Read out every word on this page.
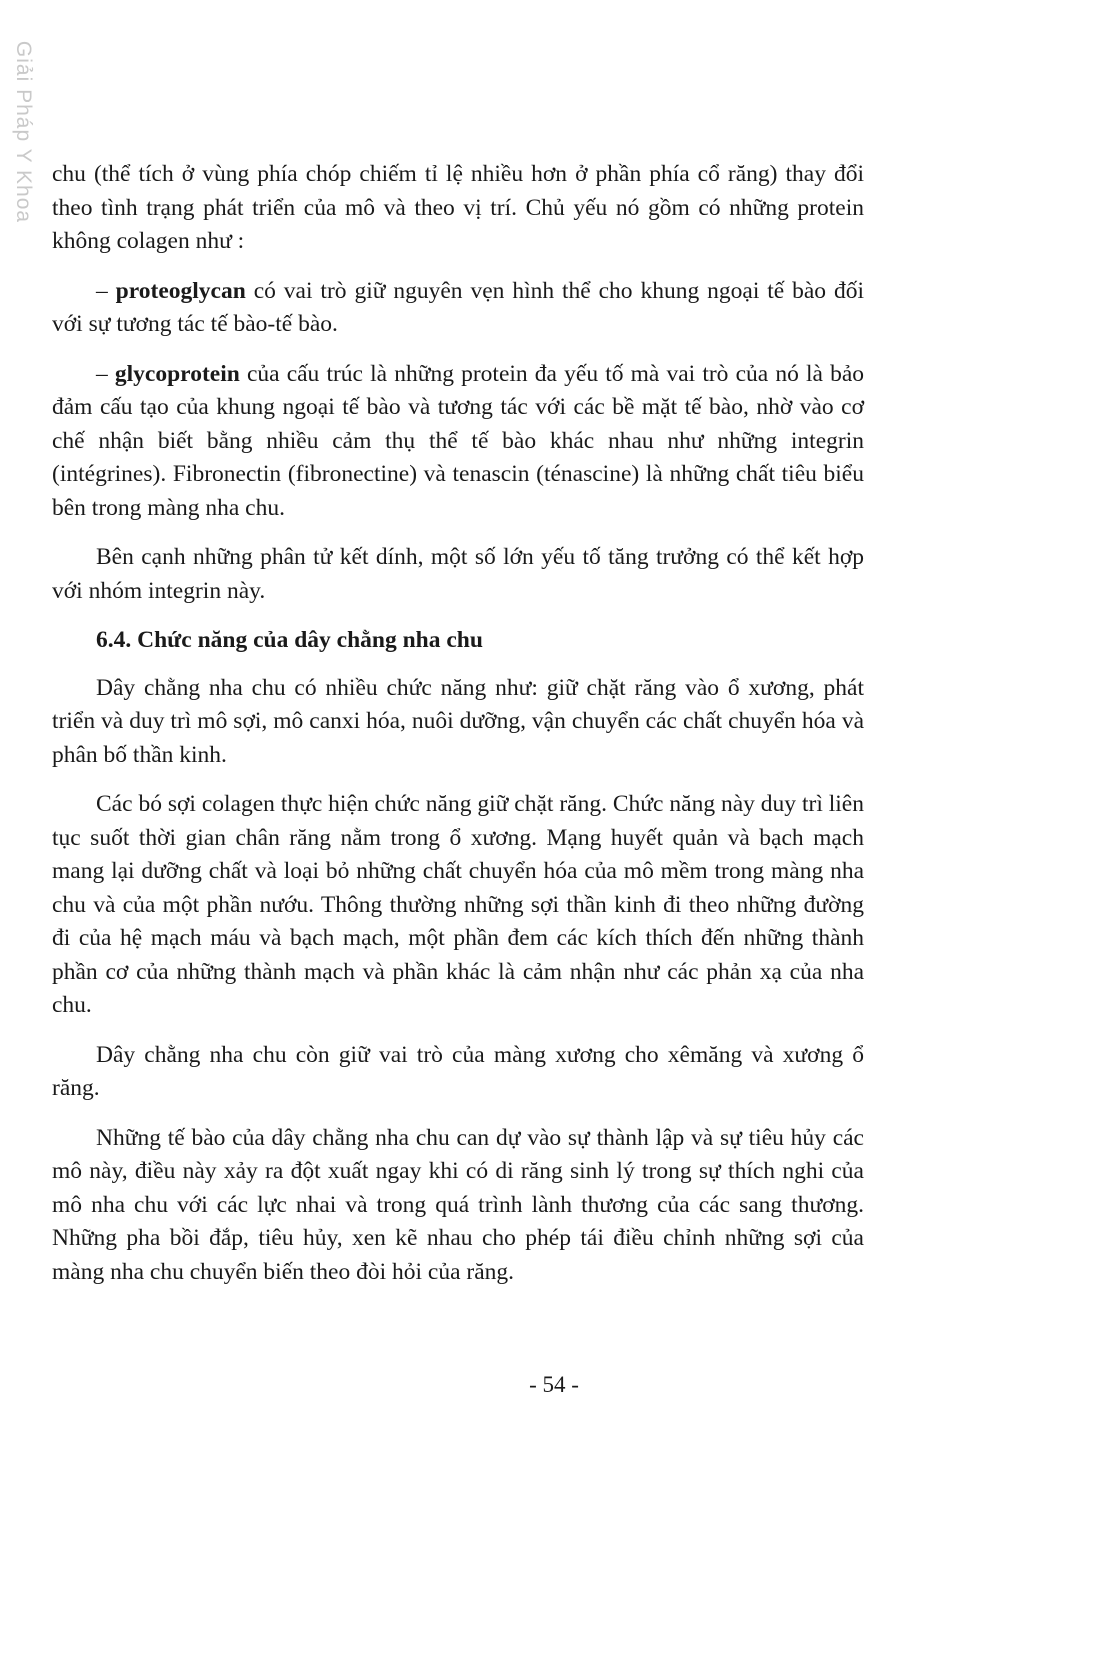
Giải Pháp Y Khoa chu (thể tích ở vùng phía chóp chiếm tỉ lệ nhiều hơn ở phần phía cổ răng) thay đổi theo tình trạng phát triển của mô và theo vị trí. Chủ yếu nó gồm có những protein không colagen như :

– proteoglycan có vai trò giữ nguyên vẹn hình thể cho khung ngoại tế bào đối với sự tương tác tế bào-tế bào.

– glycoprotein của cấu trúc là những protein đa yếu tố mà vai trò của nó là bảo đảm cấu tạo của khung ngoại tế bào và tương tác với các bề mặt tế bào, nhờ vào cơ chế nhận biết bằng nhiều cảm thụ thể tế bào khác nhau như những integrin (intégrines). Fibronectin (fibronectine) và tenascin (ténascine) là những chất tiêu biểu bên trong màng nha chu.

Bên cạnh những phân tử kết dính, một số lớn yếu tố tăng trưởng có thể kết hợp với nhóm integrin này.

6.4. Chức năng của dây chằng nha chu

Dây chằng nha chu có nhiều chức năng như: giữ chặt răng vào ổ xương, phát triển và duy trì mô sợi, mô canxi hóa, nuôi dưỡng, vận chuyển các chất chuyển hóa và phân bố thần kinh.

Các bó sợi colagen thực hiện chức năng giữ chặt răng. Chức năng này duy trì liên tục suốt thời gian chân răng nằm trong ổ xương. Mạng huyết quản và bạch mạch mang lại dưỡng chất và loại bỏ những chất chuyển hóa của mô mềm trong màng nha chu và của một phần nướu. Thông thường những sợi thần kinh đi theo những đường đi của hệ mạch máu và bạch mạch, một phần đem các kích thích đến những thành phần cơ của những thành mạch và phần khác là cảm nhận như các phản xạ của nha chu.

Dây chằng nha chu còn giữ vai trò của màng xương cho xêmăng và xương ổ răng.

Những tế bào của dây chằng nha chu can dự vào sự thành lập và sự tiêu hủy các mô này, điều này xảy ra đột xuất ngay khi có di răng sinh lý trong sự thích nghi của mô nha chu với các lực nhai và trong quá trình lành thương của các sang thương. Những pha bồi đắp, tiêu hủy, xen kẽ nhau cho phép tái điều chỉnh những sợi của màng nha chu chuyển biến theo đòi hỏi của răng.

- 54 -
